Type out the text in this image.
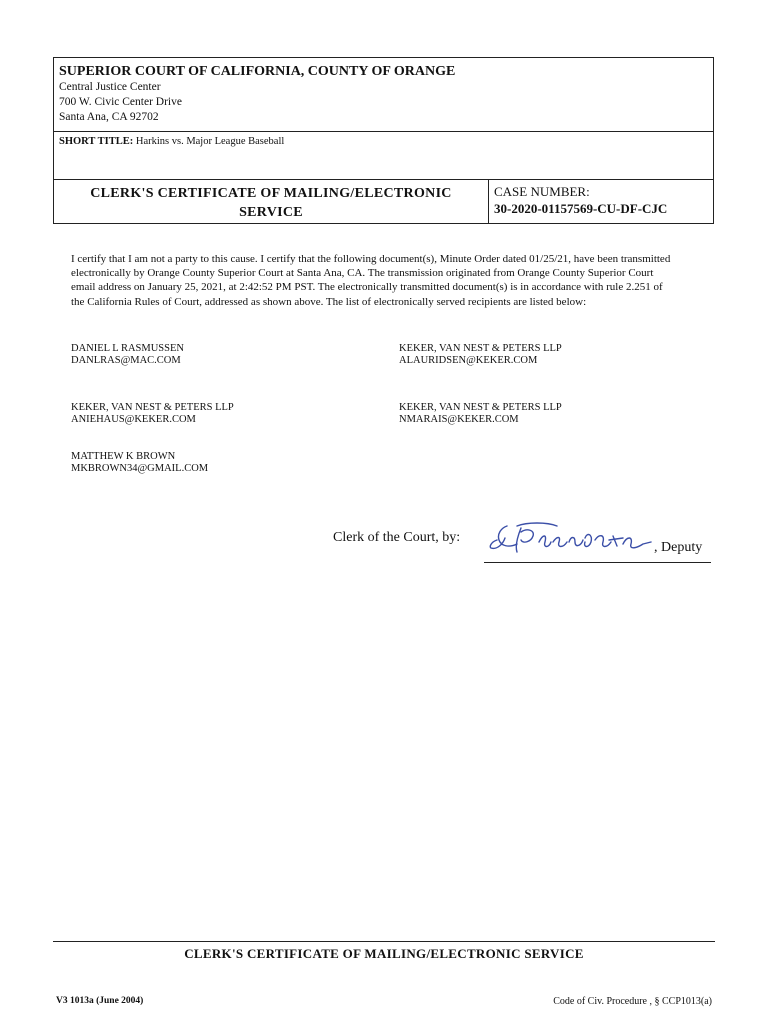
SUPERIOR COURT OF CALIFORNIA, COUNTY OF ORANGE
Central Justice Center
700 W. Civic Center Drive
Santa Ana, CA 92702
SHORT TITLE: Harkins vs. Major League Baseball
CLERK'S CERTIFICATE OF MAILING/ELECTRONIC
SERVICE
CASE NUMBER:
30-2020-01157569-CU-DF-CJC
I certify that I am not a party to this cause. I certify that the following document(s), Minute Order dated 01/25/21, have been transmitted electronically by Orange County Superior Court at Santa Ana, CA. The transmission originated from Orange County Superior Court email address on January 25, 2021, at 2:42:52 PM PST. The electronically transmitted document(s) is in accordance with rule 2.251 of the California Rules of Court, addressed as shown above. The list of electronically served recipients are listed below:
DANIEL L RASMUSSEN
DANLRAS@MAC.COM
KEKER, VAN NEST & PETERS LLP
ALAURIDSEN@KEKER.COM
KEKER, VAN NEST & PETERS LLP
ANIEHAUS@KEKER.COM
KEKER, VAN NEST & PETERS LLP
NMARAIS@KEKER.COM
MATTHEW K BROWN
MKBROWN34@GMAIL.COM
Clerk of the Court, by:
, Deputy
CLERK'S CERTIFICATE OF MAILING/ELECTRONIC SERVICE
V3 1013a (June 2004)	Code of Civ. Procedure , § CCP1013(a)
